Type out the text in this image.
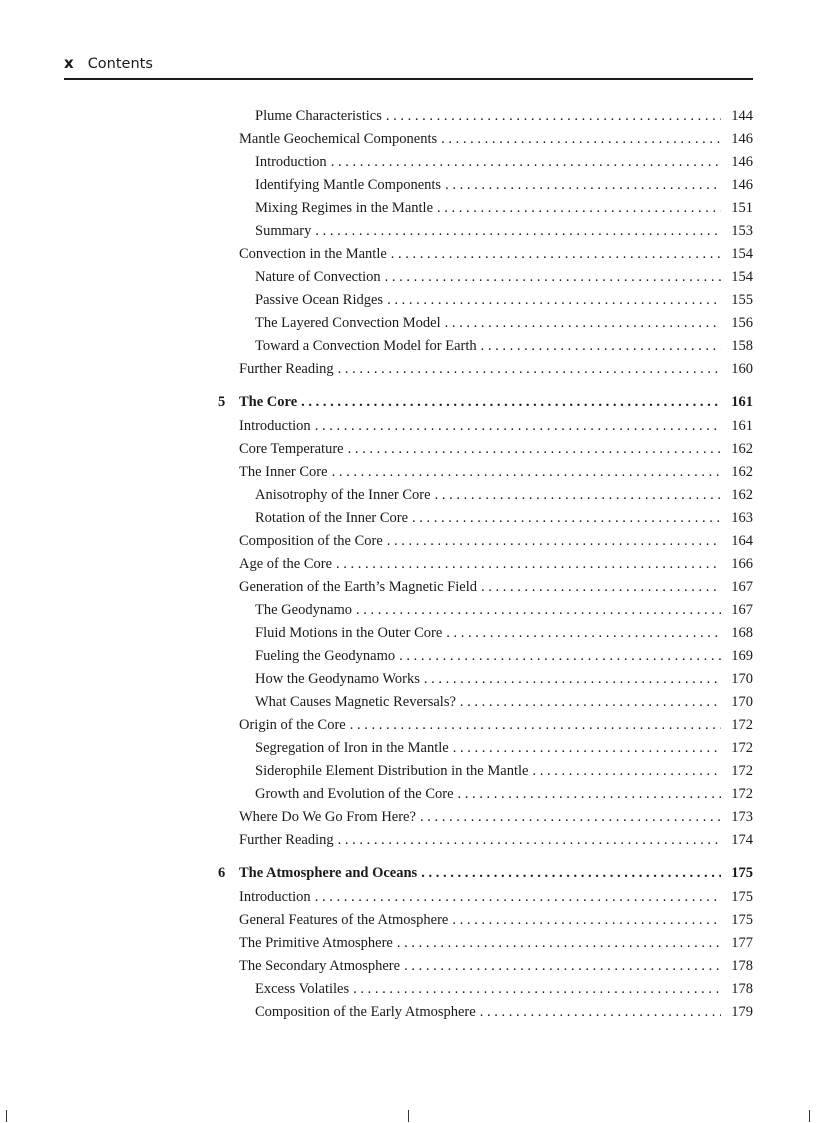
x Contents
Plume Characteristics . . .	144
Mantle Geochemical Components . . .	146
Introduction . . .	146
Identifying Mantle Components . . .	146
Mixing Regimes in the Mantle . . .	151
Summary . . .	153
Convection in the Mantle . . .	154
Nature of Convection . . .	154
Passive Ocean Ridges . . .	155
The Layered Convection Model . . .	156
Toward a Convection Model for Earth . . .	158
Further Reading . . .	160
5 The Core . . .	161
Introduction . . .	161
Core Temperature . . .	162
The Inner Core . . .	162
Anisotrophy of the Inner Core . . .	162
Rotation of the Inner Core . . .	163
Composition of the Core . . .	164
Age of the Core . . .	166
Generation of the Earth’s Magnetic Field . . .	167
The Geodynamo . . .	167
Fluid Motions in the Outer Core . . .	168
Fueling the Geodynamo . . .	169
How the Geodynamo Works . . .	170
What Causes Magnetic Reversals? . . .	170
Origin of the Core . . .	172
Segregation of Iron in the Mantle . . .	172
Siderophile Element Distribution in the Mantle . . .	172
Growth and Evolution of the Core . . .	172
Where Do We Go From Here? . . .	173
Further Reading . . .	174
6 The Atmosphere and Oceans . . .	175
Introduction . . .	175
General Features of the Atmosphere . . .	175
The Primitive Atmosphere . . .	177
The Secondary Atmosphere . . .	178
Excess Volatiles . . .	178
Composition of the Early Atmosphere . . .	179
